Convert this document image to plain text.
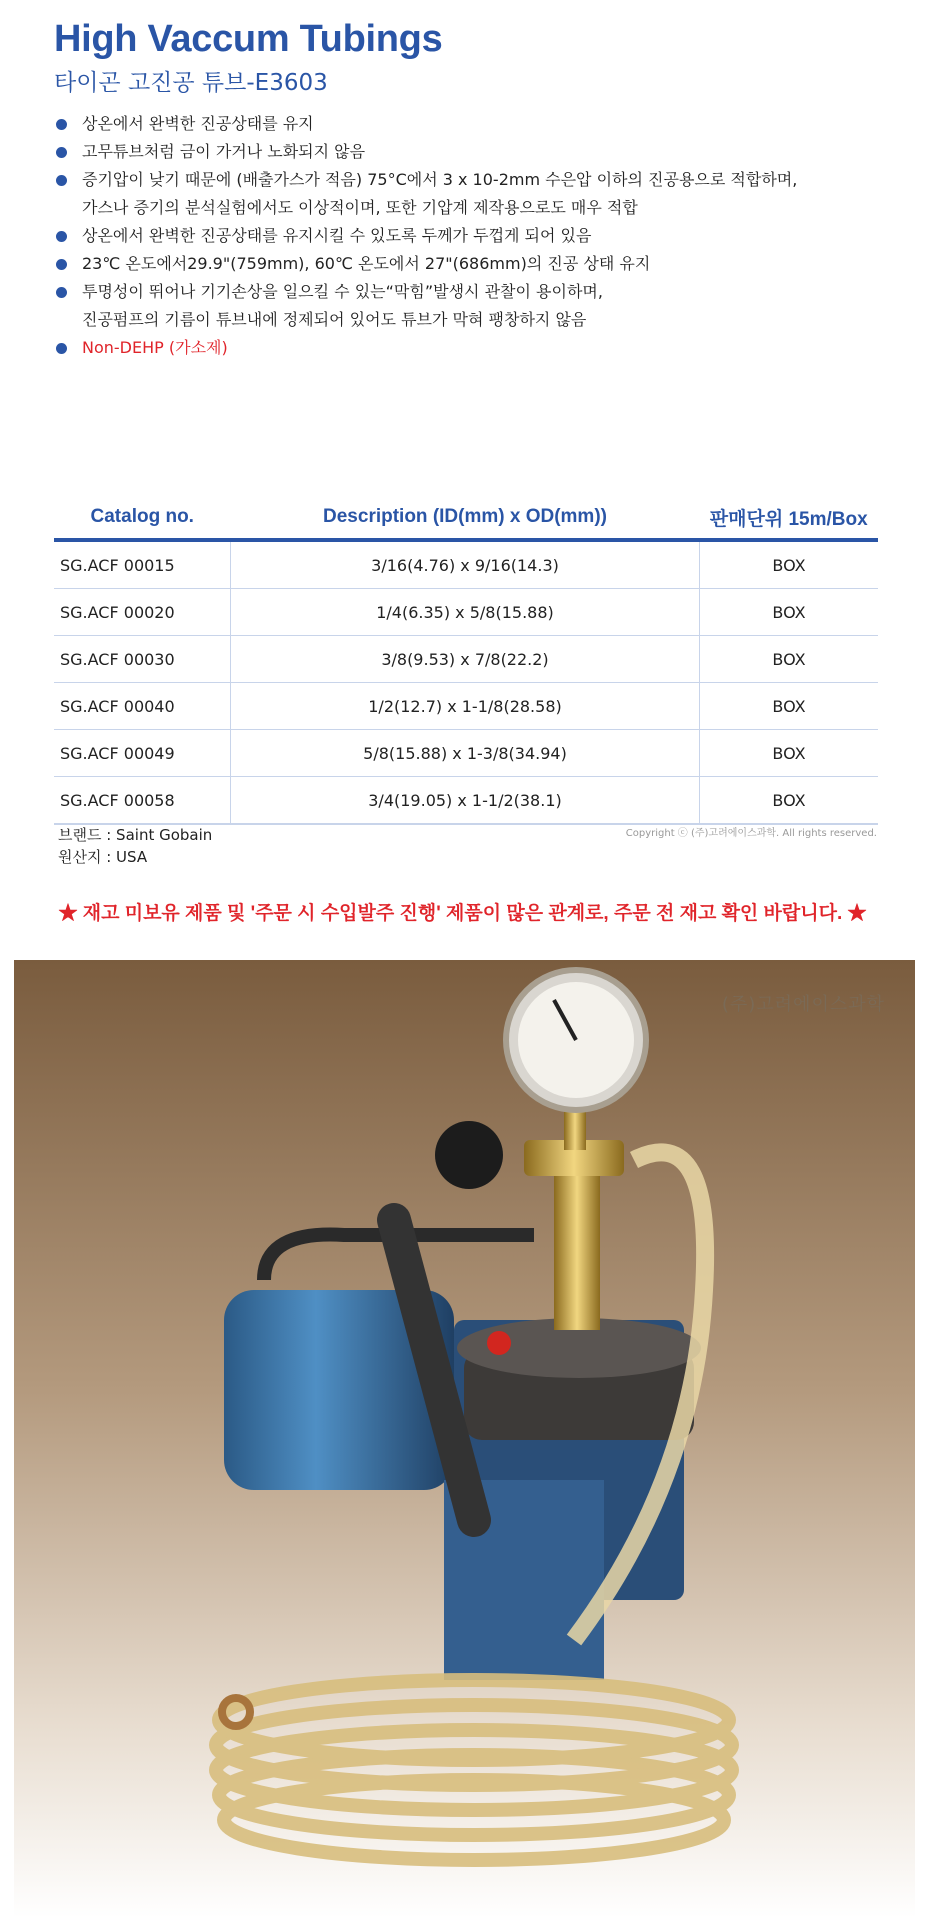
High Vaccum Tubings
타이곤 고진공 튜브-E3603
상온에서 완벽한 진공상태를 유지
고무튜브처럼 금이 가거나 노화되지 않음
증기압이 낮기 때문에 (배출가스가 적음) 75°C에서 3 x 10-2mm 수은압 이하의 진공용으로 적합하며,
가스나 증기의 분석실험에서도 이상적이며, 또한 기압계 제작용으로도 매우 적합
상온에서 완벽한 진공상태를 유지시킬 수 있도록 두께가 두껍게 되어 있음
23℃ 온도에서29.9"(759mm), 60℃ 온도에서 27"(686mm)의 진공 상태 유지
투명성이 뛰어나 기기손상을 일으킬 수 있는“막힘”발생시 관찰이 용이하며,
진공펌프의 기름이 튜브내에 정제되어 있어도 튜브가 막혀 팽창하지 않음
Non-DEHP (가소제)
Catalog no.	Description (ID(mm) x OD(mm))	판매단위 15m/Box
SG.ACF 00015	3/16(4.76) x 9/16(14.3)	BOX
SG.ACF 00020	1/4(6.35) x 5/8(15.88)	BOX
SG.ACF 00030	3/8(9.53) x 7/8(22.2)	BOX
SG.ACF 00040	1/2(12.7) x 1-1/8(28.58)	BOX
SG.ACF 00049	5/8(15.88) x 1-3/8(34.94)	BOX
SG.ACF 00058	3/4(19.05) x 1-1/2(38.1)	BOX
브랜드 : Saint Gobain
원산지 : USA
Copyright ⓒ (주)고려에이스과학. All rights reserved.
★ 재고 미보유 제품 및 '주문 시 수입발주 진행' 제품이 많은 관계로, 주문 전 재고 확인 바랍니다. ★
(주)고려에이스과학
